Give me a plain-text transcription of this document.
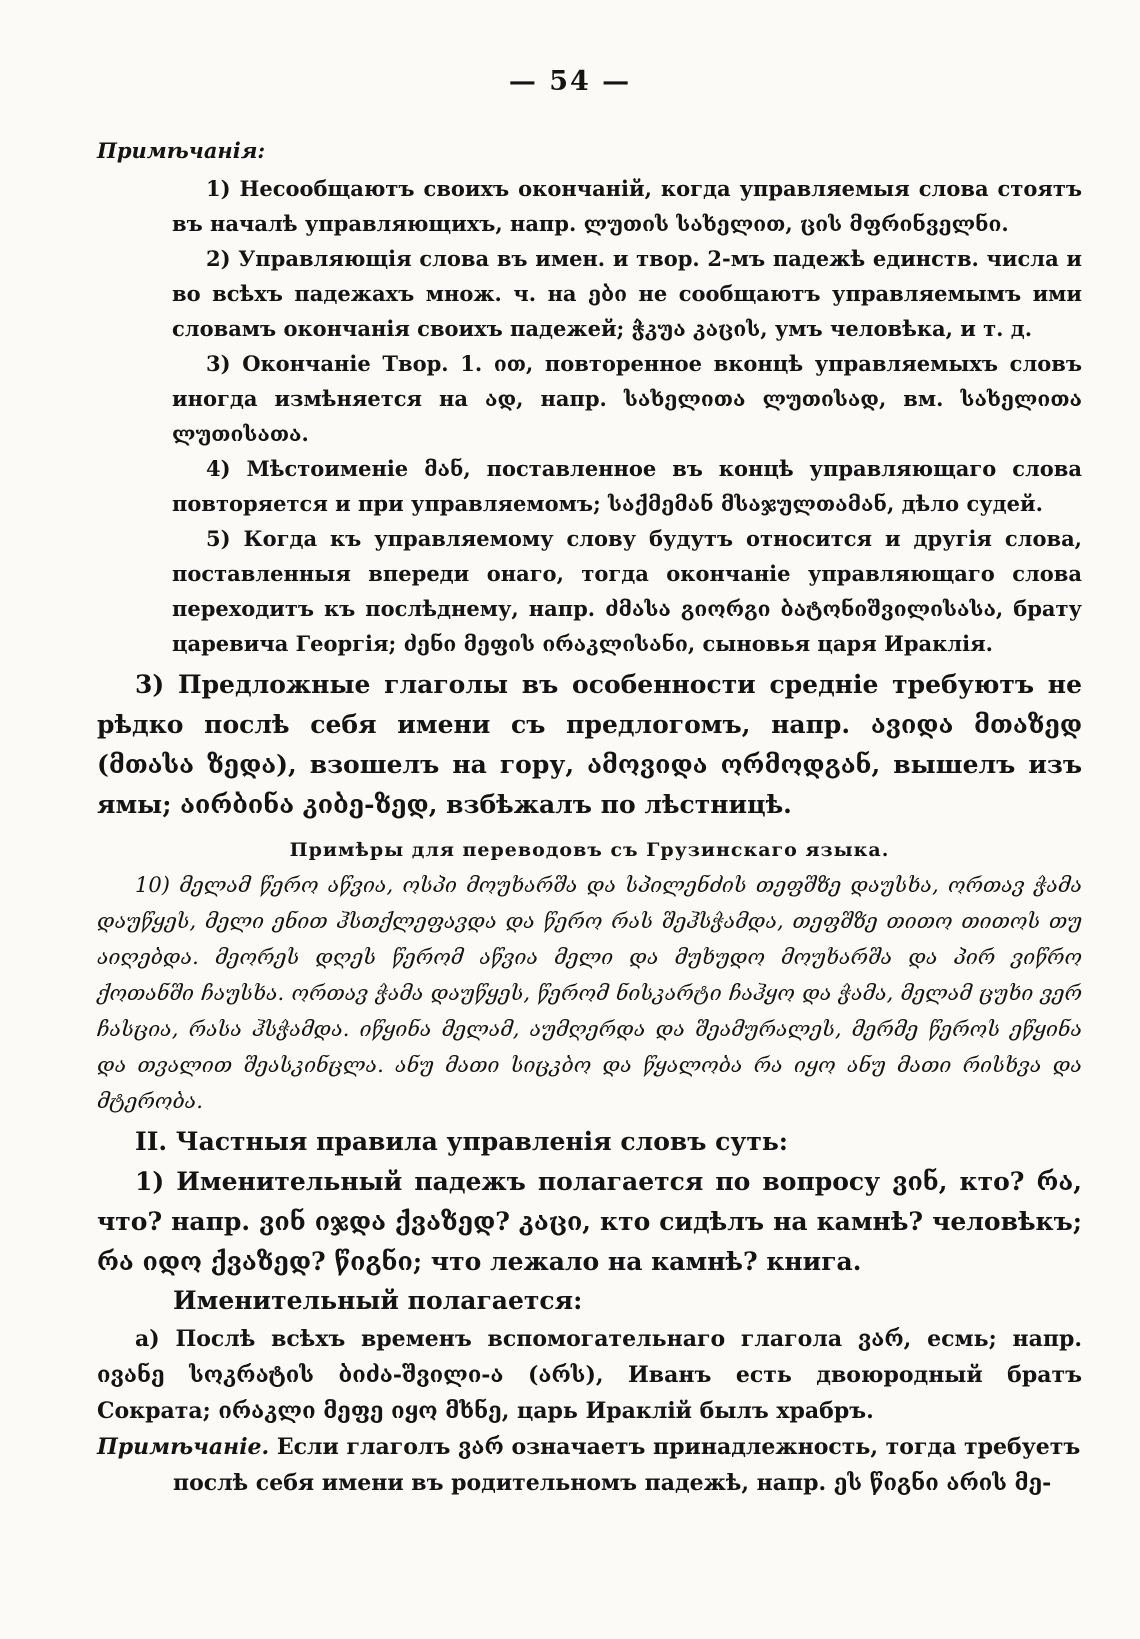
— 54 —

Примѣчанія:

1) Несообщаютъ своихъ окончаній, когда управляемыя слова стоятъ въ началѣ управляющихъ, напр. ლუთის სახელით, ცის მფრინველნი.

2) Управляющія слова въ имен. и твор. 2-мъ падежѣ единств. числа и во всѣхъ падежахъ множ. ч. на ები не сообщаютъ управляемымъ ими словамъ окончанія своихъ падежей; ჭკუა კაცის, умъ человѣка, и т. д.

3) Окончаніе Твор. 1. ით, повторенное вконцѣ управляемыхъ словъ иногда измѣняется на ად, напр. სახელითა ლუთისად, вм. სახელითა ლუთისათა.

4) Мѣстоименіе მან, поставленное въ концѣ управляющаго слова повторяется и при управляемомъ; საქმემან მსაჯულთამან, дѣло судей.

5) Когда къ управляемому слову будутъ относится и другія слова, поставленныя впереди онаго, тогда окончаніе управляющаго слова переходитъ къ послѣднему, напр. ძმასა გიორგი ბატონიშვილისასა, брату царевича Георгія; ძენი მეფის ირაკლისანი, сыновья царя Ираклія.

3) Предложные глаголы въ особенности средніе требуютъ не рѣдко послѣ себя имени съ предлогомъ, напр. ავიდა მთაზედ (მთასა ზედა), взошелъ на гору, ამოვიდა ორმოდგან, вышелъ изъ ямы; აირბინა კიბე-ზედ, взбѣжалъ по лѣстницѣ.

Примѣры для переводовъ съ Грузинскаго языка.

10) მელამ წერო აწვია, ოსპი მოუხარშა და სპილენძის თეფშზე დაუსხა, ორთავ ჭამა დაუწყეს, მელი ენით ჰსთქლეფავდა და წერო რას შეჰსჭამდა, თეფშზე თითო თითოს თუ აიღებდა. მეორეს დღეს წერომ აწვია მელი და მუხუდო მოუხარშა და პირ ვიწრო ქოთანში ჩაუსხა. ორთავ ჭამა დაუწყეს, წერომ ნისკარტი ჩაჰყო და ჭამა, მელამ ცუხი ვერ ჩასცია, რასა ჰსჭამდა. იწყინა მელამ, აუმღერდა და შეამურალეს, მერმე წეროს ეწყინა და თვალით შეასკინცლა. ანუ მათი სიცკბო და წყალობა რა იყო ანუ მათი რისხვა და მტერობა.

II. Частныя правила управленія словъ суть:

1) Именительный падежъ полагается по вопросу ვინ, кто? რა, что? напр. ვინ იჯდა ქვაზედ? კაცი, кто сидѣлъ на камнѣ? человѣкъ; რა იდო ქვაზედ? წიგნი; что лежало на камнѣ? книга.

Именительный полагается:

а) Послѣ всѣхъ временъ вспомогательнаго глагола ვარ, есмь; напр. ივანე სოკრატის ბიძა-შვილი-ა (არს), Иванъ есть двоюродный братъ Сократа; ირაკლი მეფე იყო მხნე, царь Ираклій былъ храбръ.

Примѣчаніе. Если глаголъ ვარ означаетъ принадлежность, тогда требуетъ
послѣ себя имени въ родительномъ падежѣ, напр. ეს წიგნი არის მე-
